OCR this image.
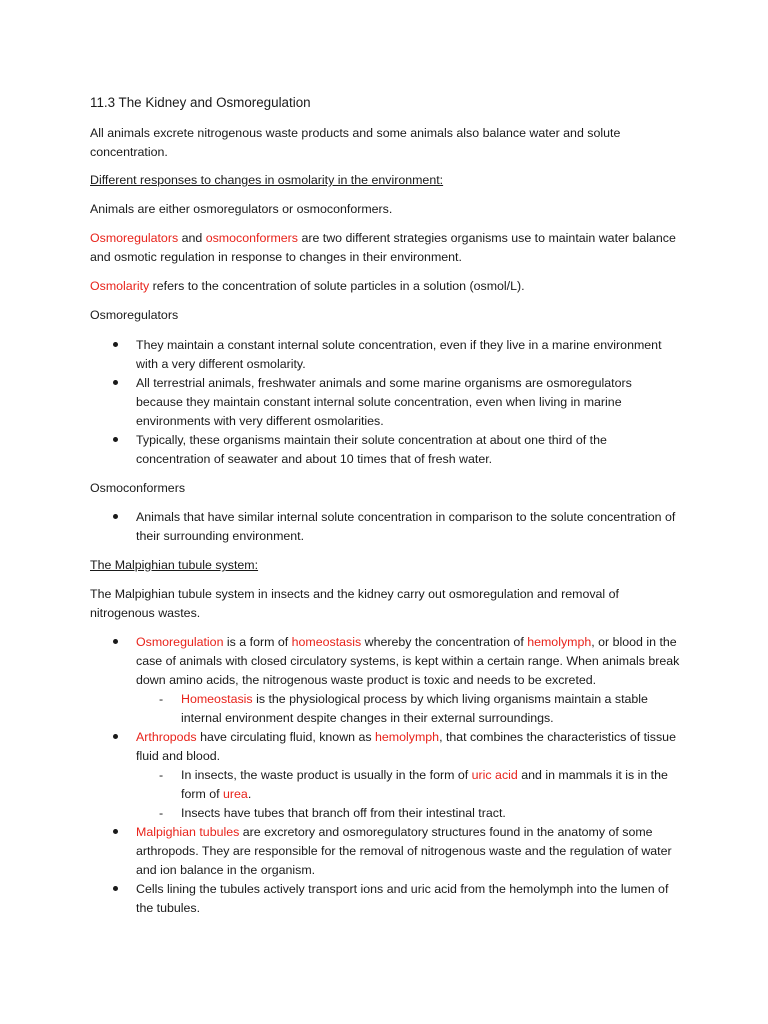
11.3 The Kidney and Osmoregulation

All animals excrete nitrogenous waste products and some animals also balance water and solute concentration.

Different responses to changes in osmolarity in the environment:

Animals are either osmoregulators or osmoconformers.

Osmoregulators and osmoconformers are two different strategies organisms use to maintain water balance and osmotic regulation in response to changes in their environment.

Osmolarity refers to the concentration of solute particles in a solution (osmol/L).

Osmoregulators

They maintain a constant internal solute concentration, even if they live in a marine environment with a very different osmolarity.
All terrestrial animals, freshwater animals and some marine organisms are osmoregulators because they maintain constant internal solute concentration, even when living in marine environments with very different osmolarities.
Typically, these organisms maintain their solute concentration at about one third of the concentration of seawater and about 10 times that of fresh water.

Osmoconformers

Animals that have similar internal solute concentration in comparison to the solute concentration of their surrounding environment.

The Malpighian tubule system:

The Malpighian tubule system in insects and the kidney carry out osmoregulation and removal of nitrogenous wastes.

Osmoregulation is a form of homeostasis whereby the concentration of hemolymph, or blood in the case of animals with closed circulatory systems, is kept within a certain range. When animals break down amino acids, the nitrogenous waste product is toxic and needs to be excreted.
- Homeostasis is the physiological process by which living organisms maintain a stable internal environment despite changes in their external surroundings.
Arthropods have circulating fluid, known as hemolymph, that combines the characteristics of tissue fluid and blood.
- In insects, the waste product is usually in the form of uric acid and in mammals it is in the form of urea.
- Insects have tubes that branch off from their intestinal tract.
Malpighian tubules are excretory and osmoregulatory structures found in the anatomy of some arthropods. They are responsible for the removal of nitrogenous waste and the regulation of water and ion balance in the organism.
Cells lining the tubules actively transport ions and uric acid from the hemolymph into the lumen of the tubules.
